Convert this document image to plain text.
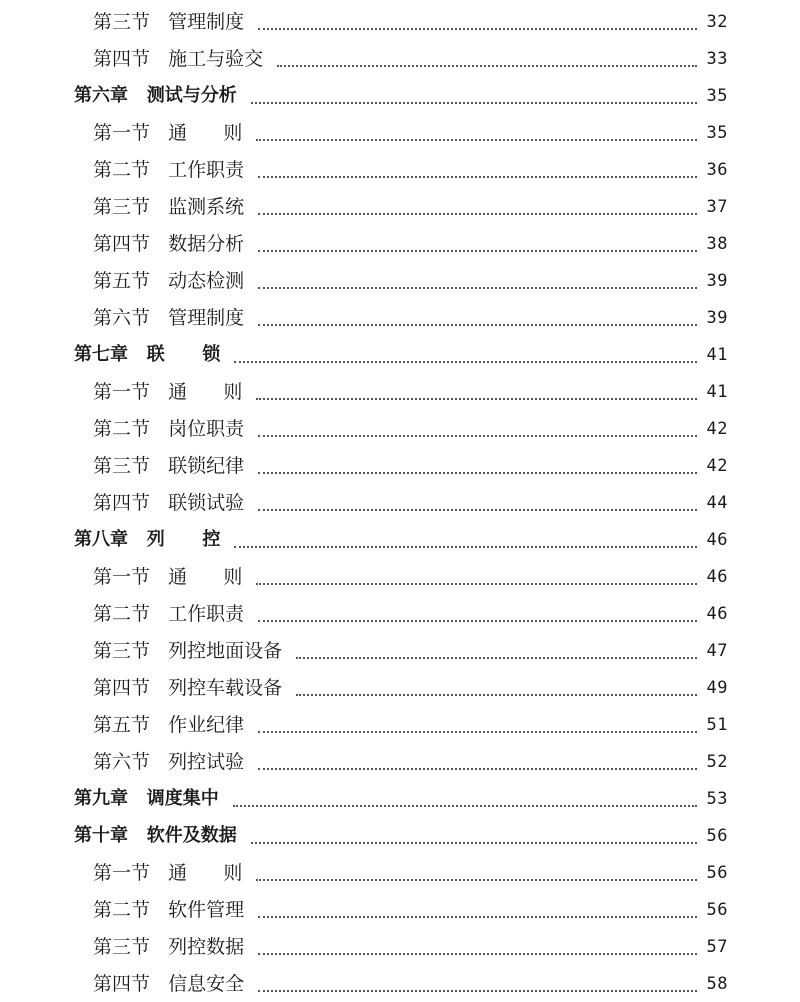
第三节   管理制度	32
第四节   施工与验交	33
第六章   测试与分析	35
第一节   通      则	35
第二节   工作职责	36
第三节   监测系统	37
第四节   数据分析	38
第五节   动态检测	39
第六节   管理制度	39
第七章   联      锁	41
第一节   通      则	41
第二节   岗位职责	42
第三节   联锁纪律	42
第四节   联锁试验	44
第八章   列      控	46
第一节   通      则	46
第二节   工作职责	46
第三节   列控地面设备	47
第四节   列控车载设备	49
第五节   作业纪律	51
第六节   列控试验	52
第九章   调度集中	53
第十章   软件及数据	56
第一节   通      则	56
第二节   软件管理	56
第三节   列控数据	57
第四节   信息安全	58
